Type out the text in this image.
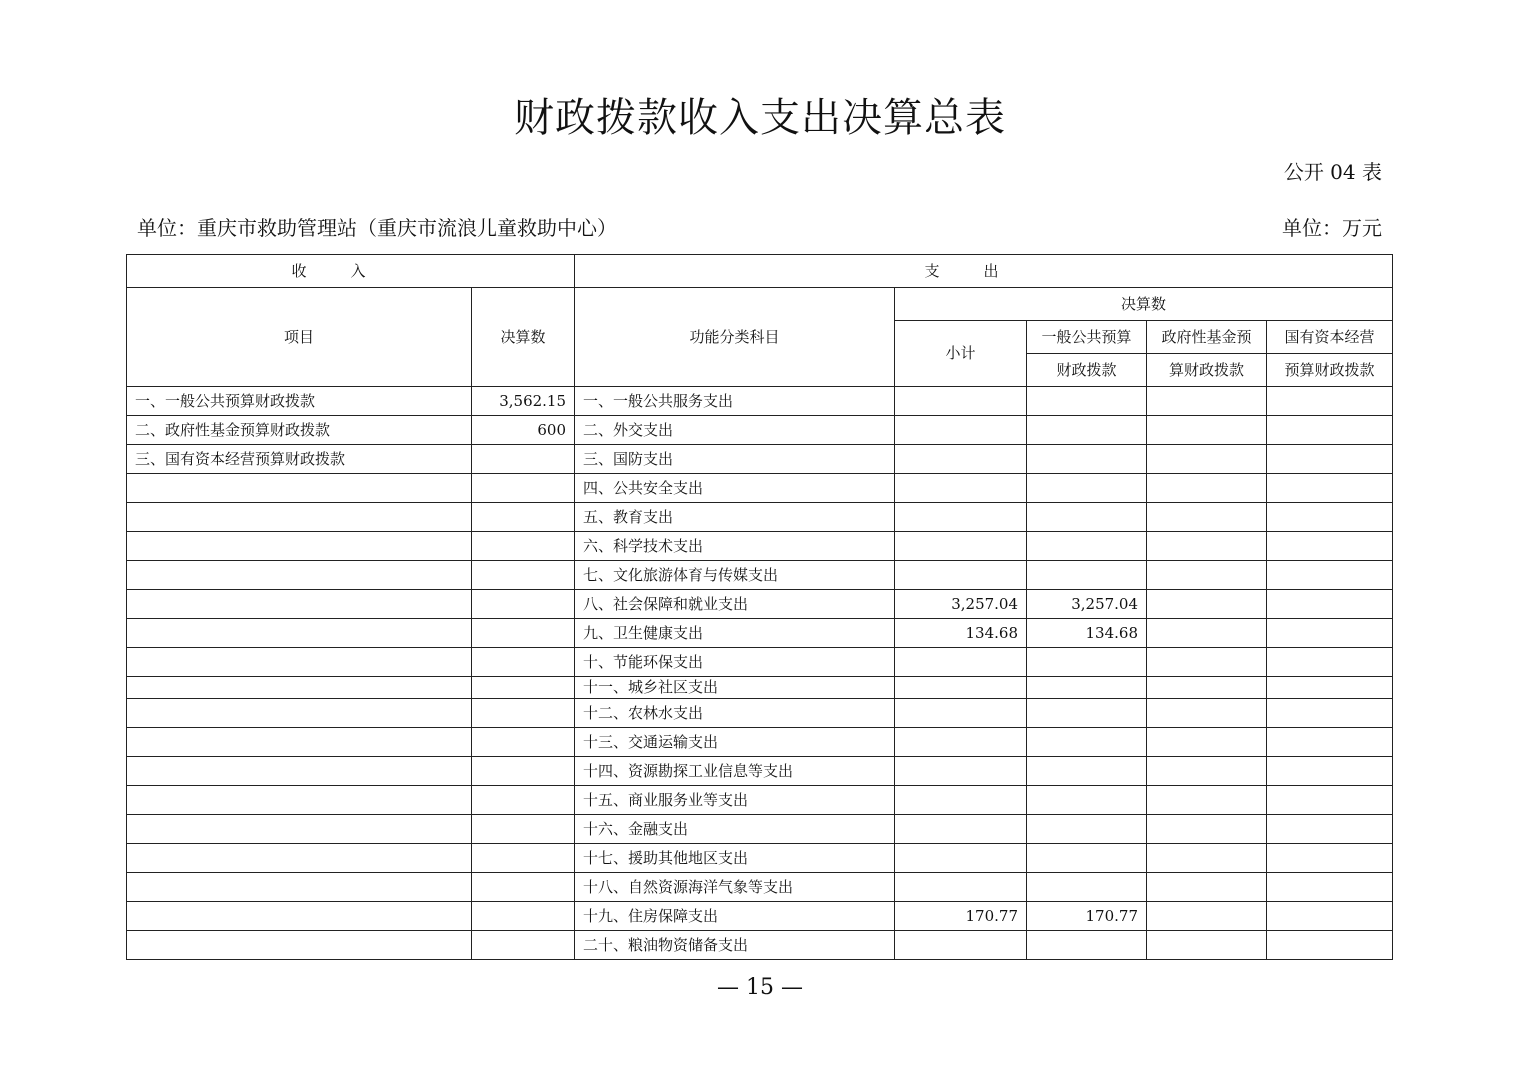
财政拨款收入支出决算总表
公开 04 表
单位：重庆市救助管理站（重庆市流浪儿童救助中心）	单位：万元
收入		支出				
项目	决算数	功能分类科目	决算数			
			小计	一般公共预算	政府性基金预	国有资本经营
				财政拨款	算财政拨款	预算财政拨款
一、一般公共预算财政拨款	3,562.15	一、一般公共服务支出				
二、政府性基金预算财政拨款	600	二、外交支出				
三、国有资本经营预算财政拨款		三、国防支出				
		四、公共安全支出				
		五、教育支出				
		六、科学技术支出				
		七、文化旅游体育与传媒支出				
		八、社会保障和就业支出	3,257.04	3,257.04		
		九、卫生健康支出	134.68	134.68		
		十、节能环保支出				
		十一、城乡社区支出				
		十二、农林水支出				
		十三、交通运输支出				
		十四、资源勘探工业信息等支出				
		十五、商业服务业等支出				
		十六、金融支出				
		十七、援助其他地区支出				
		十八、自然资源海洋气象等支出				
		十九、住房保障支出	170.77	170.77		
		二十、粮油物资储备支出				
— 15 —
